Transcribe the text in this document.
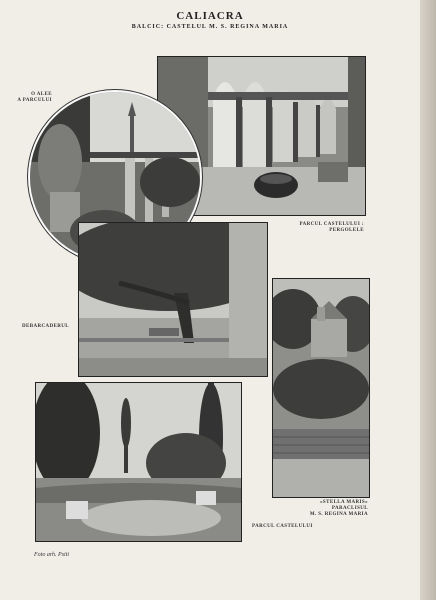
CALIACRA
BALCIC: CASTELUL M. S. REGINA MARIA
O ALEE
A PARCULUI
PARCUL CASTELULUI :
PERGOLELE
DEBARCADERUL
«STELLA MARIS»
PARACLISUL
M. S. REGINA MARIA
PARCUL CASTELULUI
Foto arh. Psiti
